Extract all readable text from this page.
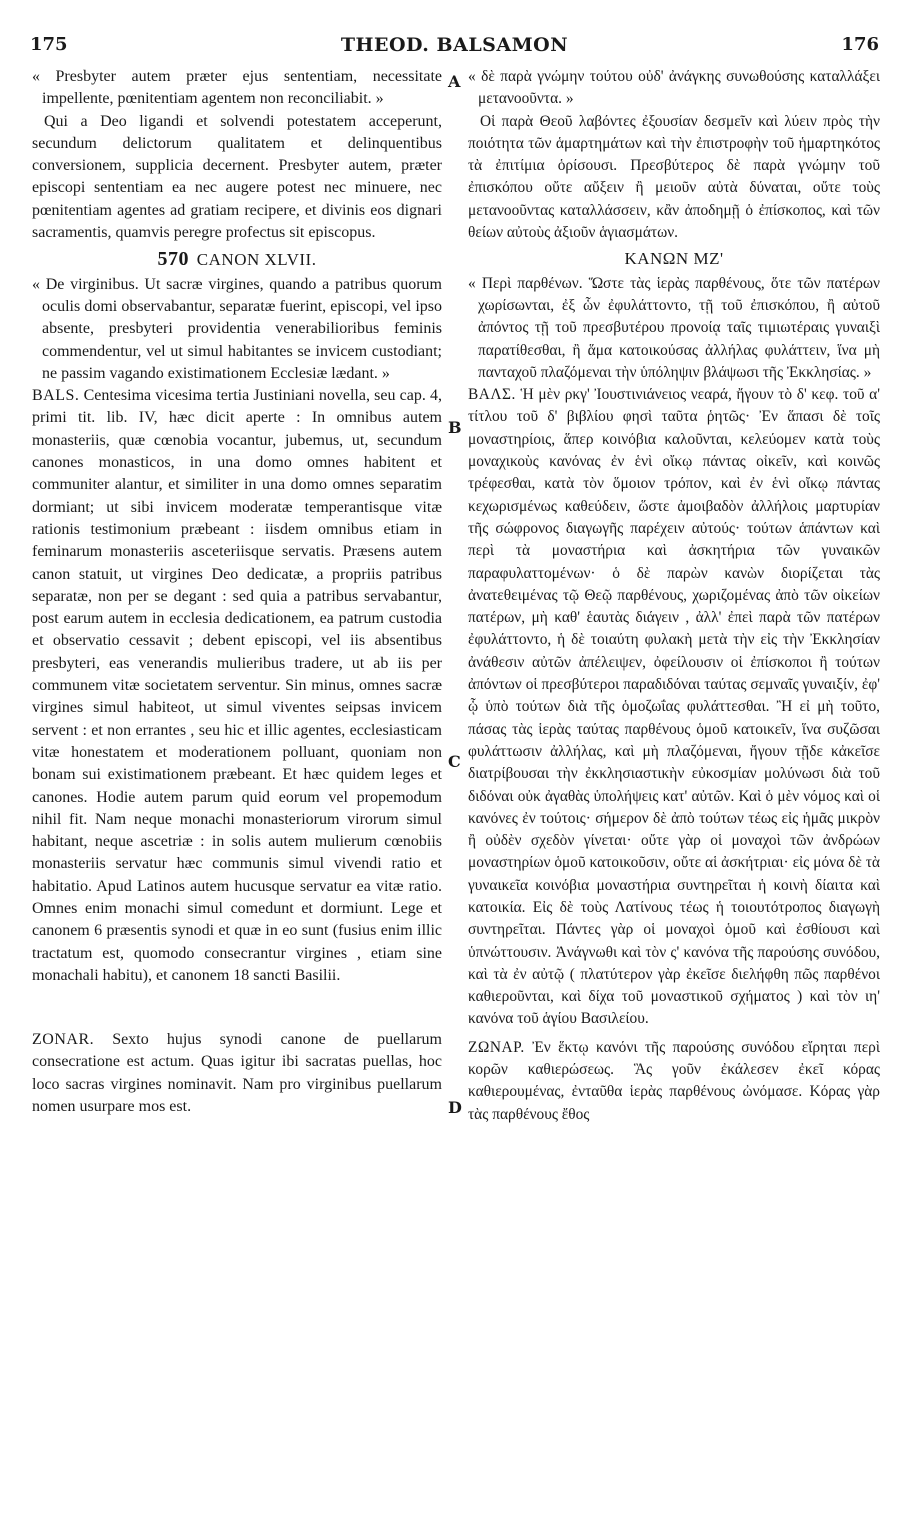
175	THEOD. BALSAMON	176
A
B
C
D

« Presbyter autem præter ejus sententiam, necessitate impellente, pœnitentiam agentem non reconciliabit. »

Qui a Deo ligandi et solvendi potestatem acceperunt, secundum delictorum qualitatem et delinquentibus conversionem, supplicia decernent. Presbyter autem, præter episcopi sententiam ea nec augere potest nec minuere, nec pœnitentiam agentes ad gratiam recipere, et divinis eos dignari sacramentis, quamvis peregre profectus sit episcopus.

570 CANON XLVII.

« De virginibus. Ut sacræ virgines, quando a patribus quorum oculis domi observabantur, separatæ fuerint, episcopi, vel ipso absente, presbyteri providentia venerabilioribus feminis commendentur, vel ut simul habitantes se invicem custodiant; ne passim vagando existimationem Ecclesiæ lædant. »

BALS. Centesima vicesima tertia Justiniani novella, seu cap. 4, primi tit. lib. IV, hæc dicit aperte : In omnibus autem monasteriis, quæ cœnobia vocantur, jubemus, ut, secundum canones monasticos, in una domo omnes habitent et communiter alantur, et similiter in una domo omnes separatim dormiant; ut sibi invicem moderatæ temperantisque vitæ rationis testimonium præbeant : iisdem omnibus etiam in feminarum monasteriis asceteriisque servatis. Præsens autem canon statuit, ut virgines Deo dedicatæ, a propriis patribus separatæ, non per se degant : sed quia a patribus servabantur, post earum autem in ecclesia dedicationem, ea patrum custodia et observatio cessavit ; debent episcopi, vel iis absentibus presbyteri, eas venerandis mulieribus tradere, ut ab iis per communem vitæ societatem serventur. Sin minus, omnes sacræ virgines simul habiteot, ut simul viventes seipsas invicem servent : et non errantes , seu hic et illic agentes, ecclesiasticam vitæ honestatem et moderationem polluant, quoniam non bonam sui existimationem præbeant. Et hæc quidem leges et canones. Hodie autem parum quid eorum vel propemodum nihil fit. Nam neque monachi monasteriorum virorum simul habitant, neque ascetriæ : in solis autem mulierum cœnobiis monasteriis servatur hæc communis simul vivendi ratio et habitatio. Apud Latinos autem hucusque servatur ea vitæ ratio. Omnes enim monachi simul comedunt et dormiunt. Lege et canonem 6 præsentis synodi et quæ in eo sunt (fusius enim illic tractatum est, quomodo consecrantur virgines , etiam sine monachali habitu), et canonem 18 sancti Basilii.

ZONAR. Sexto hujus synodi canone de puellarum consecratione est actum. Quas igitur ibi sacratas puellas, hoc loco sacras virgines nominavit. Nam pro virginibus puellarum nomen usurpare mos est.

« δὲ παρὰ γνώμην τούτου οὐδ' ἀνάγκης συνωθούσης καταλλάξει μετανοοῦντα. »

Οἱ παρὰ Θεοῦ λαβόντες ἐξουσίαν δεσμεῖν καὶ λύειν πρὸς τὴν ποιότητα τῶν ἁμαρτημάτων καὶ τὴν ἐπιστροφὴν τοῦ ἡμαρτηκότος τὰ ἐπιτίμια ὁρίσουσι. Πρεσβύτερος δὲ παρὰ γνώμην τοῦ ἐπισκόπου οὔτε αὔξειν ἢ μειοῦν αὐτὰ δύναται, οὔτε τοὺς μετανοοῦντας καταλλάσσειν, κἂν ἀποδημῇ ὁ ἐπίσκοπος, καὶ τῶν θείων αὐτοὺς ἀξιοῦν ἁγιασμάτων.

ΚΑΝΩΝ ΜΖ'

« Περὶ παρθένων. Ὥστε τὰς ἱερὰς παρθένους, ὅτε τῶν πατέρων χωρίσωνται, ἐξ ὧν ἐφυλάττοντο, τῇ τοῦ ἐπισκόπου, ἢ αὐτοῦ ἀπόντος τῇ τοῦ πρεσβυτέρου προνοίᾳ ταῖς τιμιωτέραις γυναιξὶ παρατίθεσθαι, ἢ ἅμα κατοικούσας ἀλλήλας φυλάττειν, ἵνα μὴ πανταχοῦ πλαζόμεναι τὴν ὑπόληψιν βλάψωσι τῆς Ἐκκλησίας. »

ΒΑΛΣ. Ἡ μὲν ρκγ' Ἰουστινιάνειος νεαρά, ἤγουν τὸ δ' κεφ. τοῦ α' τίτλου τοῦ δ' βιβλίου φησὶ ταῦτα ῥητῶς· Ἐν ἅπασι δὲ τοῖς μοναστηρίοις, ἅπερ κοινόβια καλοῦνται, κελεύομεν κατὰ τοὺς μοναχικοὺς κανόνας ἐν ἑνὶ οἴκῳ πάντας οἰκεῖν, καὶ κοινῶς τρέφεσθαι, κατὰ τὸν ὅμοιον τρόπον, καὶ ἐν ἑνὶ οἴκῳ πάντας κεχωρισμένως καθεύδειν, ὥστε ἀμοιβαδὸν ἀλλήλοις μαρτυρίαν τῆς σώφρονος διαγωγῆς παρέχειν αὐτούς· τούτων ἁπάντων καὶ περὶ τὰ μοναστήρια καὶ ἀσκητήρια τῶν γυναικῶν παραφυλαττομένων· ὁ δὲ παρὼν κανὼν διορίζεται τὰς ἀνατεθειμένας τῷ Θεῷ παρθένους, χωριζομένας ἀπὸ τῶν οἰκείων πατέρων, μὴ καθ' ἑαυτὰς διάγειν , ἀλλ' ἐπεὶ παρὰ τῶν πατέρων ἐφυλάττοντο, ἡ δὲ τοιαύτη φυλακὴ μετὰ τὴν εἰς τὴν Ἐκκλησίαν ἀνάθεσιν αὐτῶν ἀπέλειψεν, ὀφείλουσιν οἱ ἐπίσκοποι ἢ τούτων ἀπόντων οἱ πρεσβύτεροι παραδιδόναι ταύτας σεμναῖς γυναιξίν, ἐφ' ᾧ ὑπὸ τούτων διὰ τῆς ὁμοζωΐας φυλάττεσθαι. Ἢ εἰ μὴ τοῦτο, πάσας τὰς ἱερὰς ταύτας παρθένους ὁμοῦ κατοικεῖν, ἵνα συζῶσαι φυλάττωσιν ἀλλήλας, καὶ μὴ πλαζόμεναι, ἤγουν τῇδε κἀκεῖσε διατρίβουσαι τὴν ἐκκλησιαστικὴν εὐκοσμίαν μολύνωσι διὰ τοῦ διδόναι οὐκ ἀγαθὰς ὑπολήψεις κατ' αὐτῶν. Καὶ ὁ μὲν νόμος καὶ οἱ κανόνες ἐν τούτοις· σήμερον δὲ ἀπὸ τούτων τέως εἰς ἡμᾶς μικρὸν ἢ οὐδὲν σχεδὸν γίνεται· οὔτε γὰρ οἱ μοναχοὶ τῶν ἀνδρώων μοναστηρίων ὁμοῦ κατοικοῦσιν, οὔτε αἱ ἀσκήτριαι· εἰς μόνα δὲ τὰ γυναικεῖα κοινόβια μοναστήρια συντηρεῖται ἡ κοινὴ δίαιτα καὶ κατοικία. Εἰς δὲ τοὺς Λατίνους τέως ἡ τοιουτότροπος διαγωγὴ συντηρεῖται. Πάντες γὰρ οἱ μοναχοὶ ὁμοῦ καὶ ἐσθίουσι καὶ ὑπνώττουσιν. Ἀνάγνωθι καὶ τὸν ς' κανόνα τῆς παρούσης συνόδου, καὶ τὰ ἐν αὐτῷ ( πλατύτερον γὰρ ἐκεῖσε διελήφθη πῶς παρθένοι καθιεροῦνται, καὶ δίχα τοῦ μοναστικοῦ σχήματος ) καὶ τὸν ιη' κανόνα τοῦ ἁγίου Βασιλείου.

ΖΩΝΑΡ. Ἐν ἕκτῳ κανόνι τῆς παρούσης συνόδου εἴρηται περὶ κορῶν καθιερώσεως. Ἃς γοῦν ἐκάλεσεν ἐκεῖ κόρας καθιερουμένας, ἐνταῦθα ἱερὰς παρθένους ὠνόμασε. Κόρας γὰρ τὰς παρθένους ἔθος
